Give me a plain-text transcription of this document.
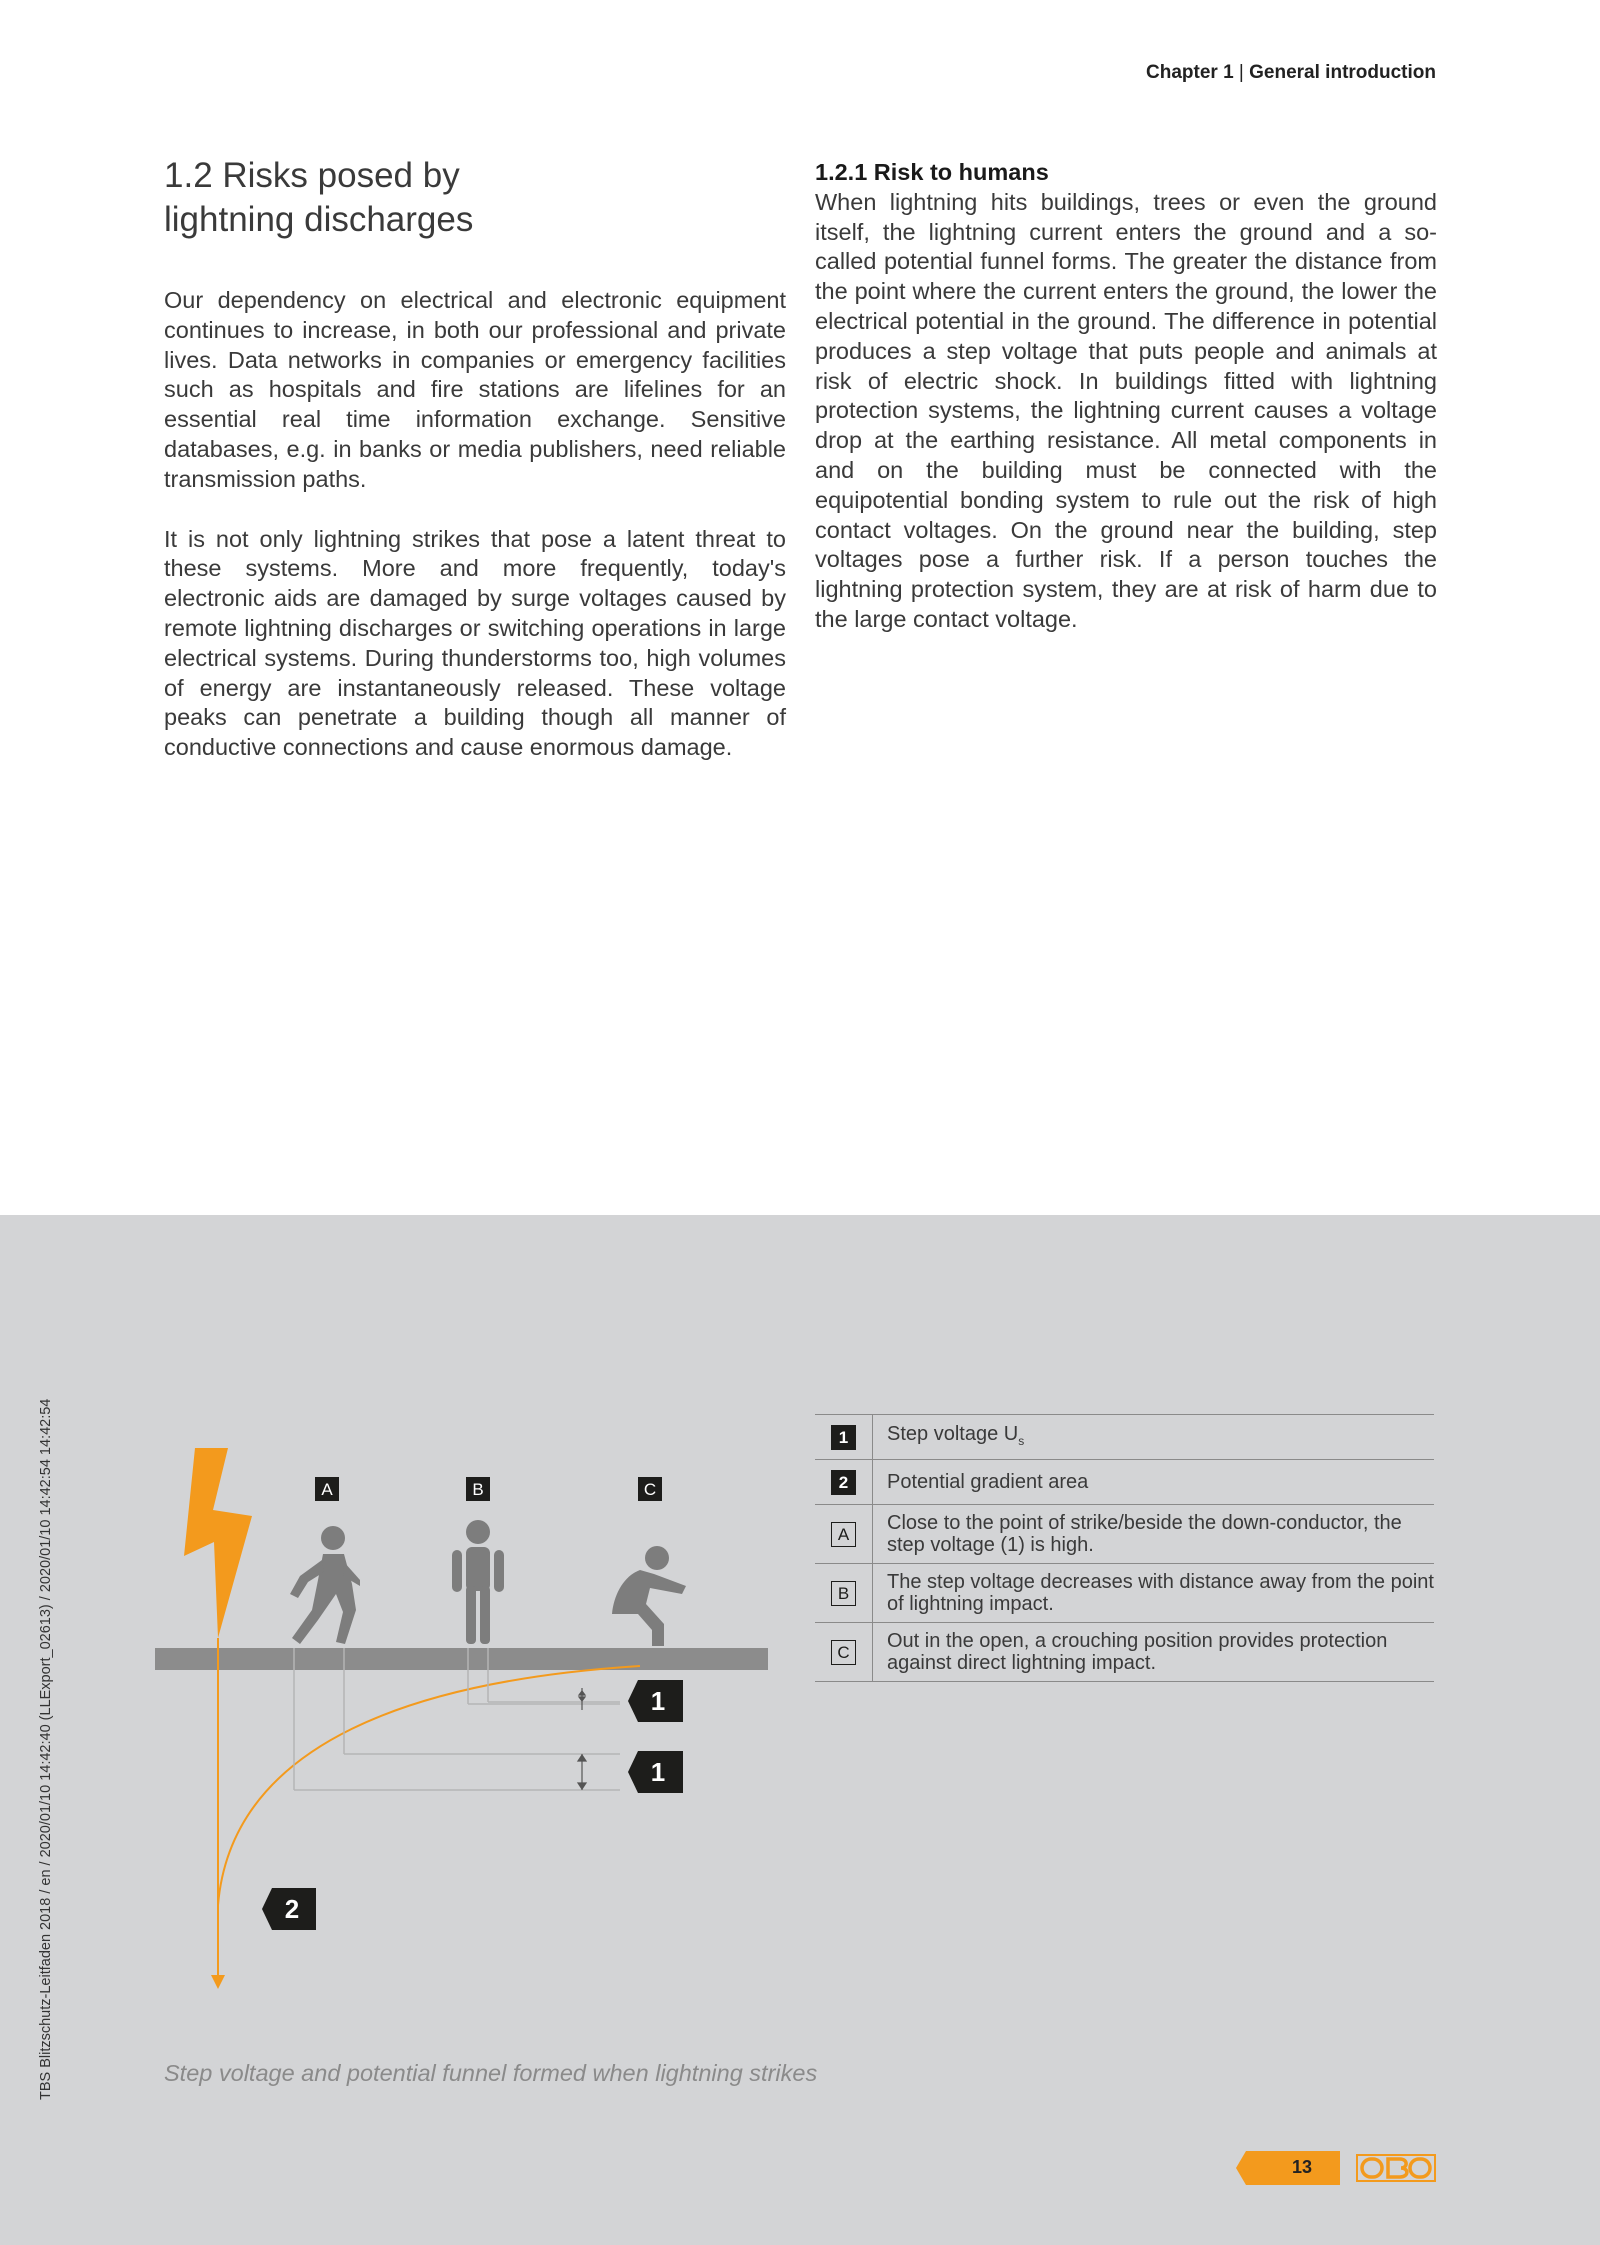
Chapter 1 | General introduction
1.2 Risks posed by
lightning discharges

Our dependency on electrical and electronic equipment continues to increase, in both our professional and private lives. Data networks in companies or emergency facilities such as hospitals and fire stations are lifelines for an essential real time information exchange. Sensitive databases, e.g. in banks or media publishers, need reliable transmission paths.

It is not only lightning strikes that pose a latent threat to these systems. More and more frequently, today's electronic aids are damaged by surge voltages caused by remote lightning discharges or switching operations in large electrical systems. During thunderstorms too, high volumes of energy are instantaneously released. These voltage peaks can penetrate a building though all manner of conductive connections and cause enormous damage.

1.2.1 Risk to humans

When lightning hits buildings, trees or even the ground itself, the lightning current enters the ground and a so-called potential funnel forms. The greater the distance from the point where the current enters the ground, the lower the electrical potential in the ground. The difference in potential produces a step voltage that puts people and animals at risk of electric shock. In buildings fitted with lightning protection systems, the lightning current causes a voltage drop at the earthing resistance. All metal components in and on the building must be connected with the equipotential bonding system to rule out the risk of high contact voltages. On the ground near the building, step voltages pose a further risk. If a person touches the lightning protection system, they are at risk of harm due to the large contact voltage.

TBS Blitzschutz-Leitfaden 2018 / en / 2020/01/10 14:42:40 (LLExport_02613) / 2020/01/10 14:42:54 14:42:54	A	B	C
1
1
2
1	Step voltage $U_s$
2	Potential gradient area
A	Close to the point of strike/beside the down-conductor, the step voltage (1) is high.
B	The step voltage decreases with distance away from the point of lightning impact.
C	Out in the open, a crouching position provides protection against direct lightning impact.
Step voltage and potential funnel formed when lightning strikes
13
